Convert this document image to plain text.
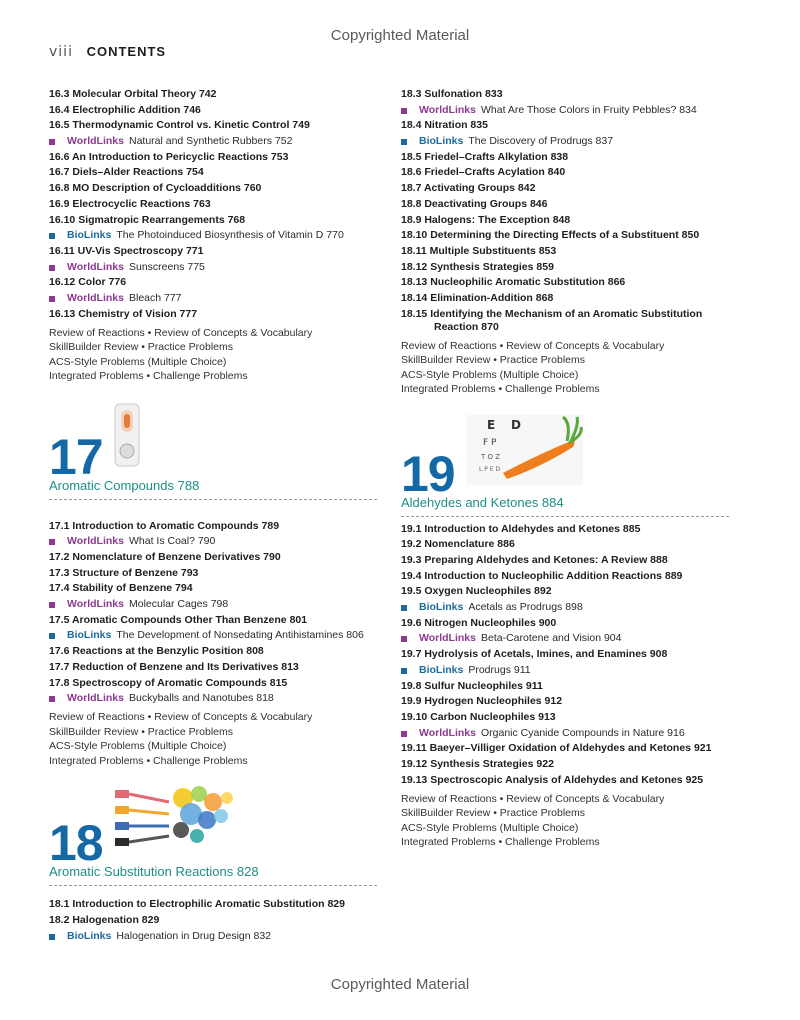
Copyrighted Material
viii CONTENTS
16.3 Molecular Orbital Theory 742
16.4 Electrophilic Addition 746
16.5 Thermodynamic Control vs. Kinetic Control 749
WorldLinks Natural and Synthetic Rubbers 752
16.6 An Introduction to Pericyclic Reactions 753
16.7 Diels–Alder Reactions 754
16.8 MO Description of Cycloadditions 760
16.9 Electrocyclic Reactions 763
16.10 Sigmatropic Rearrangements 768
BioLinks The Photoinduced Biosynthesis of Vitamin D 770
16.11 UV-Vis Spectroscopy 771
WorldLinks Sunscreens 775
16.12 Color 776
WorldLinks Bleach 777
16.13 Chemistry of Vision 777
Review of Reactions • Review of Concepts & Vocabulary
SkillBuilder Review • Practice Problems
ACS-Style Problems (Multiple Choice)
Integrated Problems • Challenge Problems
17
Aromatic Compounds 788
17.1 Introduction to Aromatic Compounds 789
WorldLinks What Is Coal? 790
17.2 Nomenclature of Benzene Derivatives 790
17.3 Structure of Benzene 793
17.4 Stability of Benzene 794
WorldLinks Molecular Cages 798
17.5 Aromatic Compounds Other Than Benzene 801
BioLinks The Development of Nonsedating Antihistamines 806
17.6 Reactions at the Benzylic Position 808
17.7 Reduction of Benzene and Its Derivatives 813
17.8 Spectroscopy of Aromatic Compounds 815
WorldLinks Buckyballs and Nanotubes 818
Review of Reactions • Review of Concepts & Vocabulary
SkillBuilder Review • Practice Problems
ACS-Style Problems (Multiple Choice)
Integrated Problems • Challenge Problems
18
Aromatic Substitution Reactions 828
18.1 Introduction to Electrophilic Aromatic Substitution 829
18.2 Halogenation 829
BioLinks Halogenation in Drug Design 832
18.3 Sulfonation 833
WorldLinks What Are Those Colors in Fruity Pebbles? 834
18.4 Nitration 835
BioLinks The Discovery of Prodrugs 837
18.5 Friedel–Crafts Alkylation 838
18.6 Friedel–Crafts Acylation 840
18.7 Activating Groups 842
18.8 Deactivating Groups 846
18.9 Halogens: The Exception 848
18.10 Determining the Directing Effects of a Substituent 850
18.11 Multiple Substituents 853
18.12 Synthesis Strategies 859
18.13 Nucleophilic Aromatic Substitution 866
18.14 Elimination-Addition 868
18.15 Identifying the Mechanism of an Aromatic Substitution Reaction 870
Review of Reactions • Review of Concepts & Vocabulary
SkillBuilder Review • Practice Problems
ACS-Style Problems (Multiple Choice)
Integrated Problems • Challenge Problems
E D
F P
T O Z
L P E D
19
Aldehydes and Ketones 884
19.1 Introduction to Aldehydes and Ketones 885
19.2 Nomenclature 886
19.3 Preparing Aldehydes and Ketones: A Review 888
19.4 Introduction to Nucleophilic Addition Reactions 889
19.5 Oxygen Nucleophiles 892
BioLinks Acetals as Prodrugs 898
19.6 Nitrogen Nucleophiles 900
WorldLinks Beta-Carotene and Vision 904
19.7 Hydrolysis of Acetals, Imines, and Enamines 908
BioLinks Prodrugs 911
19.8 Sulfur Nucleophiles 911
19.9 Hydrogen Nucleophiles 912
19.10 Carbon Nucleophiles 913
WorldLinks Organic Cyanide Compounds in Nature 916
19.11 Baeyer–Villiger Oxidation of Aldehydes and Ketones 921
19.12 Synthesis Strategies 922
19.13 Spectroscopic Analysis of Aldehydes and Ketones 925
Review of Reactions • Review of Concepts & Vocabulary
SkillBuilder Review • Practice Problems
ACS-Style Problems (Multiple Choice)
Integrated Problems • Challenge Problems
Copyrighted Material
